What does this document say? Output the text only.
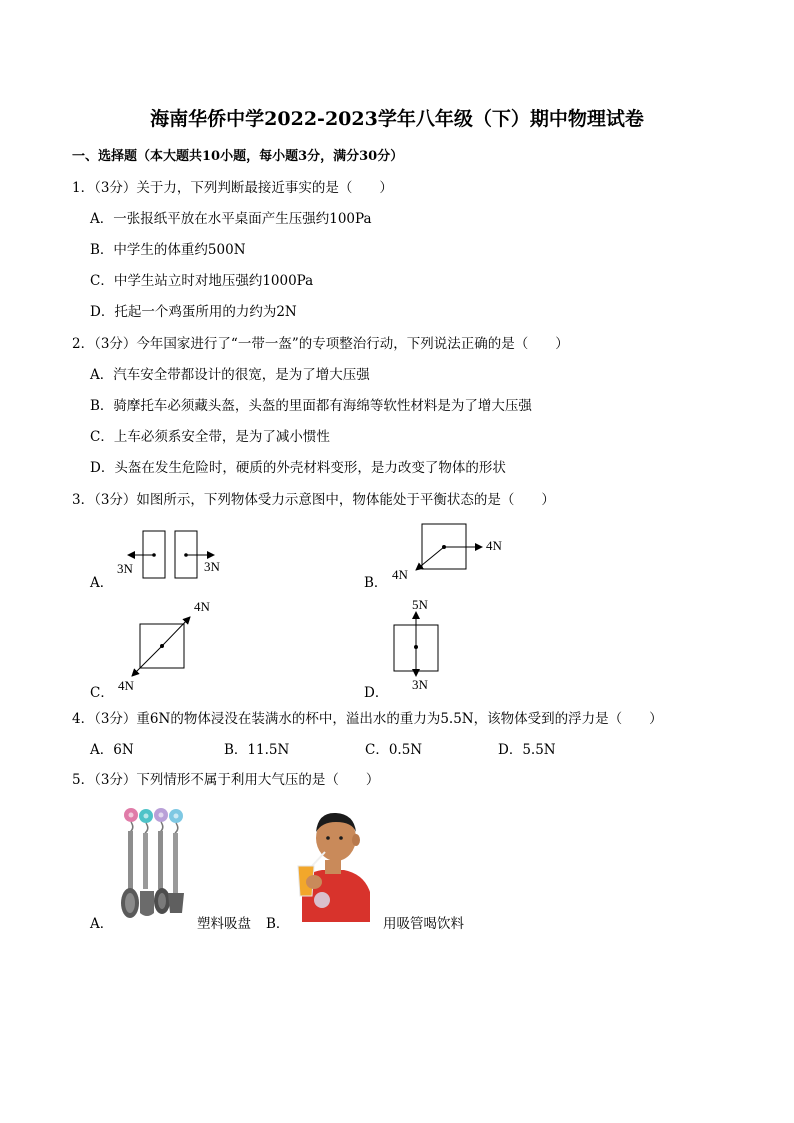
海南华侨中学2022-2023学年八年级（下）期中物理试卷
一、选择题（本大题共10小题，每小题3分，满分30分）
1．（3分）关于力，下列判断最接近事实的是（　　）
A．一张报纸平放在水平桌面产生压强约100Pa
B．中学生的体重约500N
C．中学生站立时对地压强约1000Pa
D．托起一个鸡蛋所用的力约为2N
2．（3分）今年国家进行了“一带一盔”的专项整治行动，下列说法正确的是（　　）
A．汽车安全带都设计的很宽，是为了增大压强
B．骑摩托车必须藏头盔，头盔的里面都有海绵等软性材料是为了增大压强
C．上车必须系安全带，是为了减小惯性
D．头盔在发生危险时，硬质的外壳材料变形，是力改变了物体的形状
3．（3分）如图所示，下列物体受力示意图中，物体能处于平衡状态的是（　　）
A．
3N	3N
B．
4N
4N
C．
4N
4N	D．
5N
3N
4．（3分）重6N的物体浸没在装满水的杯中，溢出水的重力为5.5N，该物体受到的浮力是（　　）
A．6N	B．11.5N	C．0.5N	D．5.5N
5．（3分）下列情形不属于利用大气压的是（　　）
A．	塑料吸盘 B．	用吸管喝饮料
